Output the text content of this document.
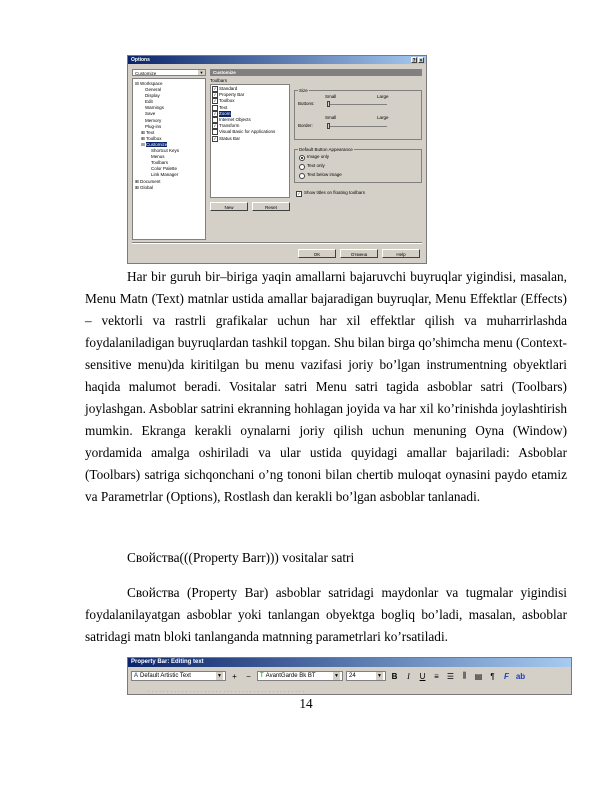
Options	? ×
Customize	▼	Customize
⊟ Workspace
General
Display
Edit
Warnings
Save
Memory
Plug-ins
⊞ Text
⊞ Toolbox
⊟ Customize
Shortcut Keys
Menus
Toolbars
Color Palette
Link Manager
⊞ Document
⊞ Global
Toolbars
✓ Standard
✓ Property Bar
✓ Toolbox
Text
✓ Zoom
Internet Objects
✓ Transform
Visual Basic for Applications
✓ Status Bar
New	Reset
Size
Small	Large
Buttons:
Small	Large
Border:
Default Button Appearance
Image only
Text only
Text below image
✓ Show titles on floating toolbars
OK	Отмена	Help

Har bir guruh bir–biriga yaqin amallarni bajaruvchi buyruqlar yigindisi, masalan, Menu Matn (Text) matnlar ustida amallar bajaradigan buyruqlar, Menu Effektlar (Effects) – vektorli va rastrli grafikalar uchun har xil effektlar qilish va muharrirlashda foydalaniladigan buyruqlardan tashkil topgan. Shu bilan birga qo’shimcha menu (Context-sensitive menu)da kiritilgan bu menu vazifasi joriy bo’lgan instrumentning obyektlari haqida malumot beradi. Vositalar satri Menu satri tagida asboblar satri (Toolbars) joylashgan. Asboblar satrini ekranning hohlagan joyida va har xil ko’rinishda joylashtirish mumkin. Ekranga kerakli oynalarni joriy qilish uchun menuning Oyna (Window) yordamida amalga oshiriladi va ular ustida quyidagi amallar bajariladi: Asboblar (Toolbars) satriga sichqonchani o’ng tononi bilan chertib muloqat oynasini paydo etamiz va Parametrlar (Options), Rostlash dan kerakli bo’lgan asboblar tanlanadi.

Свойства(((Property Barr))) vositalar satri

Свойства (Property Bar) asboblar satridagi maydonlar va tugmalar yigindisi foydalanilayatgan asboblar yoki tanlangan obyektga bogliq bo’ladi, masalan, asboblar satridagi matn bloki tanlanganda matnning parametrlari ko’rsatiladi.

Property Bar: Editing text
A Default Artistic Text	▼	+	−	T AvantGarde Bk BT	▼ 24	▼	B	I	U	≡	☰	⫼	▤	¶	F ab
. . . . . . . . . . . . . . . . . . . . . . . . . . . . . . . . . . . . . . . . . .
14
